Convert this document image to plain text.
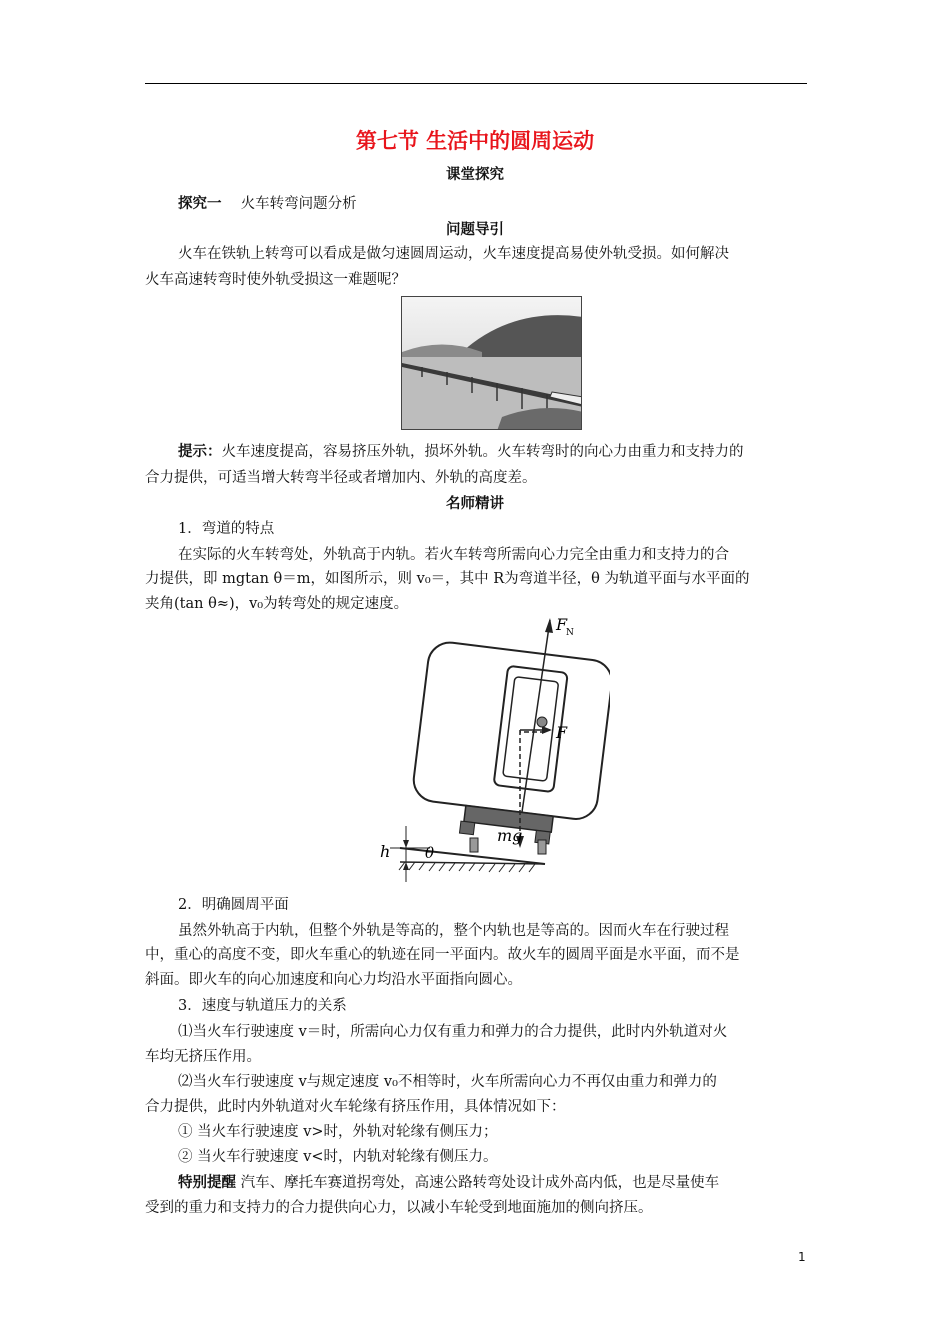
第七节 生活中的圆周运动
课堂探究
探究一　 火车转弯问题分析
问题导引
火车在铁轨上转弯可以看成是做匀速圆周运动，火车速度提高易使外轨受损。如何解决
火车高速转弯时使外轨受损这一难题呢？
提示：火车速度提高，容易挤压外轨，损坏外轨。火车转弯时的向心力由重力和支持力的
合力提供，可适当增大转弯半径或者增加内、外轨的高度差。
名师精讲
1．弯道的特点
在实际的火车转弯处，外轨高于内轨。若火车转弯所需向心力完全由重力和支持力的合
力提供，即 mgtan θ＝m，如图所示，则 v₀＝，其中 R为弯道半径，θ 为轨道平面与水平面的
夹角(tan θ≈)，v₀为转弯处的规定速度。
F
N
F
mg
h θ
2．明确圆周平面
虽然外轨高于内轨，但整个外轨是等高的，整个内轨也是等高的。因而火车在行驶过程
中，重心的高度不变，即火车重心的轨迹在同一平面内。故火车的圆周平面是水平面，而不是
斜面。即火车的向心加速度和向心力均沿水平面指向圆心。
3．速度与轨道压力的关系
⑴当火车行驶速度 v＝时，所需向心力仅有重力和弹力的合力提供，此时内外轨道对火
车均无挤压作用。
⑵当火车行驶速度 v与规定速度 v₀不相等时，火车所需向心力不再仅由重力和弹力的
合力提供，此时内外轨道对火车轮缘有挤压作用，具体情况如下：
① 当火车行驶速度 v>时，外轨对轮缘有侧压力；
② 当火车行驶速度 v<时，内轨对轮缘有侧压力。
特别提醒 汽车、摩托车赛道拐弯处，高速公路转弯处设计成外高内低，也是尽量使车
受到的重力和支持力的合力提供向心力，以减小车轮受到地面施加的侧向挤压。
1
